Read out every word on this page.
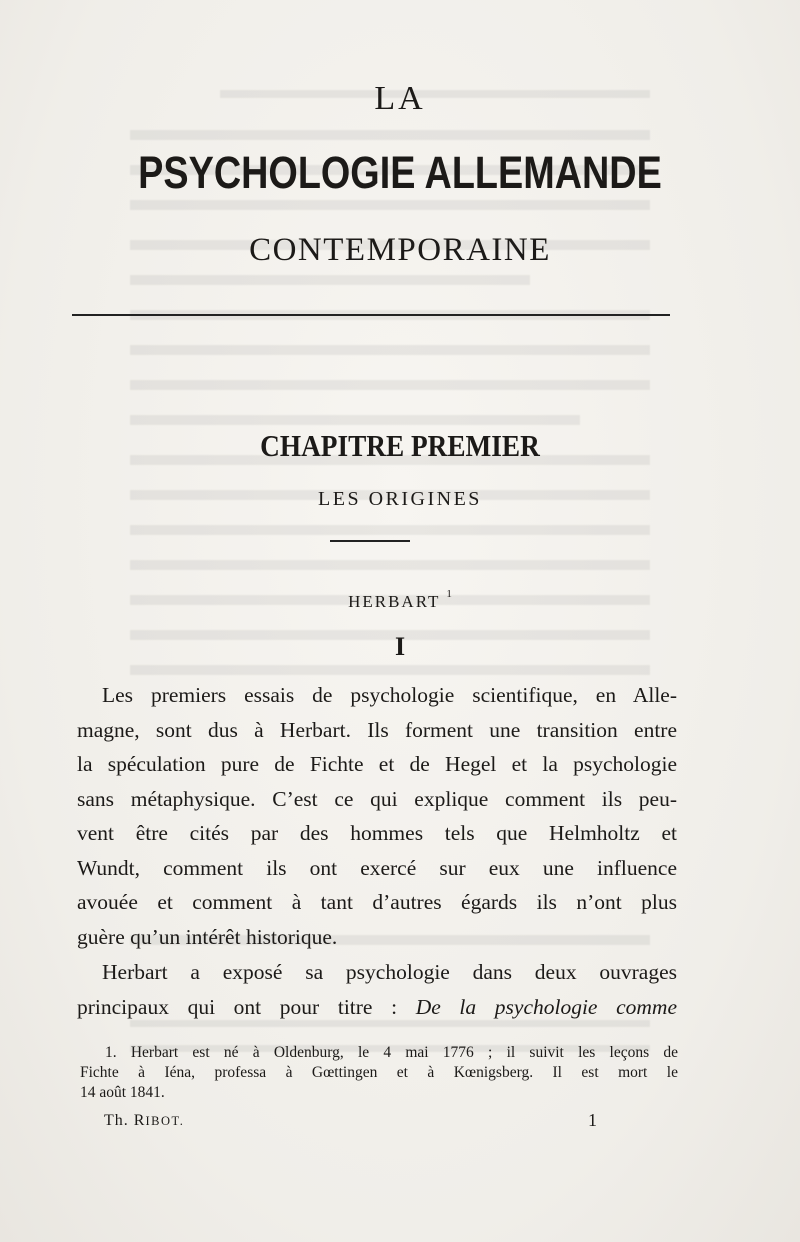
LA

PSYCHOLOGIE ALLEMANDE

CONTEMPORAINE

CHAPITRE PREMIER

LES ORIGINES

HERBART $^1$

I

Les premiers essais de psychologie scientifique, en Alle-
magne, sont dus à Herbart. Ils forment une transition entre
la spéculation pure de Fichte et de Hegel et la psychologie
sans métaphysique. C’est ce qui explique comment ils peu-
vent être cités par des hommes tels que Helmholtz et
Wundt, comment ils ont exercé sur eux une influence
avouée et comment à tant d’autres égards ils n’ont plus
guère qu’un intérêt historique.
Herbart a exposé sa psychologie dans deux ouvrages
principaux qui ont pour titre : De la psychologie comme
1. Herbart est né à Oldenburg, le 4 mai 1776 ; il suivit les leçons de
Fichte à Iéna, professa à Gœttingen et à Kœnigsberg. Il est mort le
14 août 1841.
Th. RIBOT.	1
